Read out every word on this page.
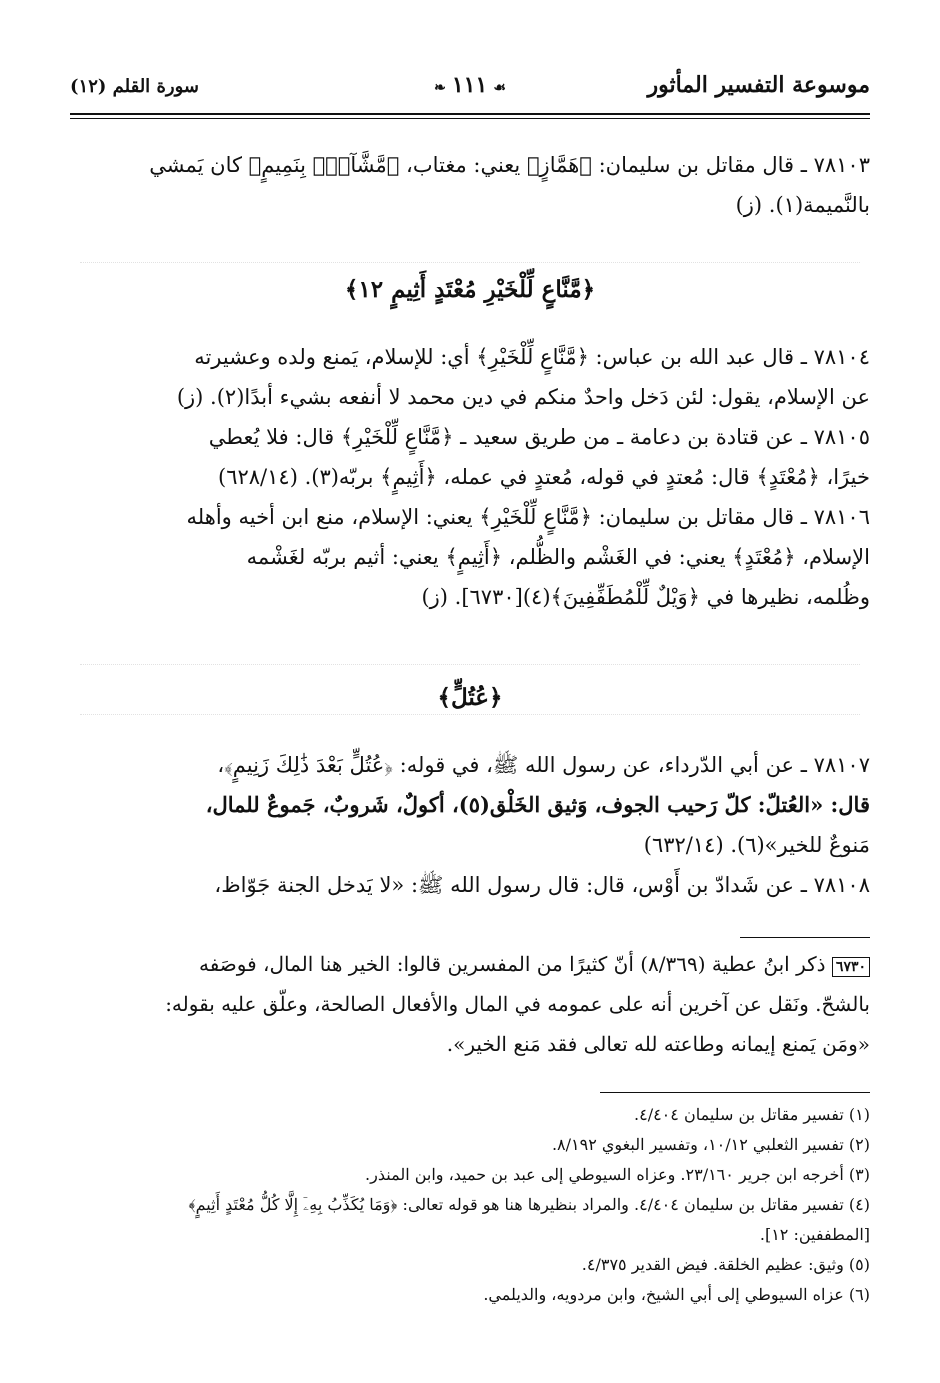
موسوعة التفسير المأثور
❧ ١١١ ☙
سورة القلم (١٢)
٧٨١٠٣ ـ قال مقاتل بن سليمان: ﴿هَمَّازٍ﴾ يعني: مغتاب، ﴿مَّشَّآءِۭ بِنَمِيمٍ﴾ كان يَمشي
بالنَّميمة(١). (ز)
﴿مَّنَّاعٍ لِّلْخَيْرِ مُعْتَدٍ أَثِيمٍ ١٢﴾
٧٨١٠٤ ـ قال عبد الله بن عباس: ﴿مَّنَّاعٍ لِّلْخَيْرِ﴾ أي: للإسلام، يَمنع ولده وعشيرته
عن الإسلام، يقول: لئن دَخل واحدٌ منكم في دين محمد لا أنفعه بشيء أبدًا(٢). (ز)
٧٨١٠٥ ـ عن قتادة بن دعامة ـ من طريق سعيد ـ ﴿مَّنَّاعٍ لِّلْخَيْرِ﴾ قال: فلا يُعطي
خيرًا، ﴿مُعْتَدٍ﴾ قال: مُعتدٍ في قوله، مُعتدٍ في عمله، ﴿أَثِيمٍ﴾ بربّه(٣). (٦٢٨/١٤)
٧٨١٠٦ ـ قال مقاتل بن سليمان: ﴿مَّنَّاعٍ لِّلْخَيْرِ﴾ يعني: الإسلام، منع ابن أخيه وأهله
الإسلام، ﴿مُعْتَدٍ﴾ يعني: في الغَشْم والظُّلم، ﴿أَثِيمٍ﴾ يعني: أثيم بربّه لغَشْمه
وظُلمه، نظيرها في ﴿وَيْلٌ لِّلْمُطَفِّفِينَ﴾(٤)[٦٧٣٠]. (ز)
﴿عُتُلٍّ﴾
٧٨١٠٧ ـ عن أبي الدّرداء، عن رسول الله ﷺ، في قوله: ﴿عُتُلٍّ بَعْدَ ذَٰلِكَ زَنِيمٍ﴾،
قال: «العُتلّ: كلّ رَحيب الجوف، وَثيق الخَلْق(٥)، أكولٌ، شَروبٌ، جَموعٌ للمال،
مَنوعٌ للخير»(٦). (٦٣٢/١٤)
٧٨١٠٨ ـ عن شَدادّ بن أَوْس، قال: قال رسول الله ﷺ: «لا يَدخل الجنة جَوّاظ،
٦٧٣٠ ذكر ابنُ عطية (٨/٣٦٩) أنّ كثيرًا من المفسرين قالوا: الخير هنا المال، فوصَفه
بالشحّ. ونَقل عن آخرين أنه على عمومه في المال والأفعال الصالحة، وعلّق عليه بقوله:
«ومَن يَمنع إيمانه وطاعته لله تعالى فقد مَنع الخير».
(١) تفسير مقاتل بن سليمان ٤/٤٠٤.
(٢) تفسير الثعلبي ١٠/١٢، وتفسير البغوي ٨/١٩٢.
(٣) أخرجه ابن جرير ٢٣/١٦٠. وعزاه السيوطي إلى عبد بن حميد، وابن المنذر.
(٤) تفسير مقاتل بن سليمان ٤/٤٠٤. والمراد بنظيرها هنا هو قوله تعالى: ﴿وَمَا يُكَذِّبُ بِهِۦٓ إِلَّا كُلُّ مُعْتَدٍ أَثِيمٍ﴾
[المطففين: ١٢].
(٥) وثيق: عظيم الخلقة. فيض القدير ٤/٣٧٥.
(٦) عزاه السيوطي إلى أبي الشيخ، وابن مردويه، والديلمي.
